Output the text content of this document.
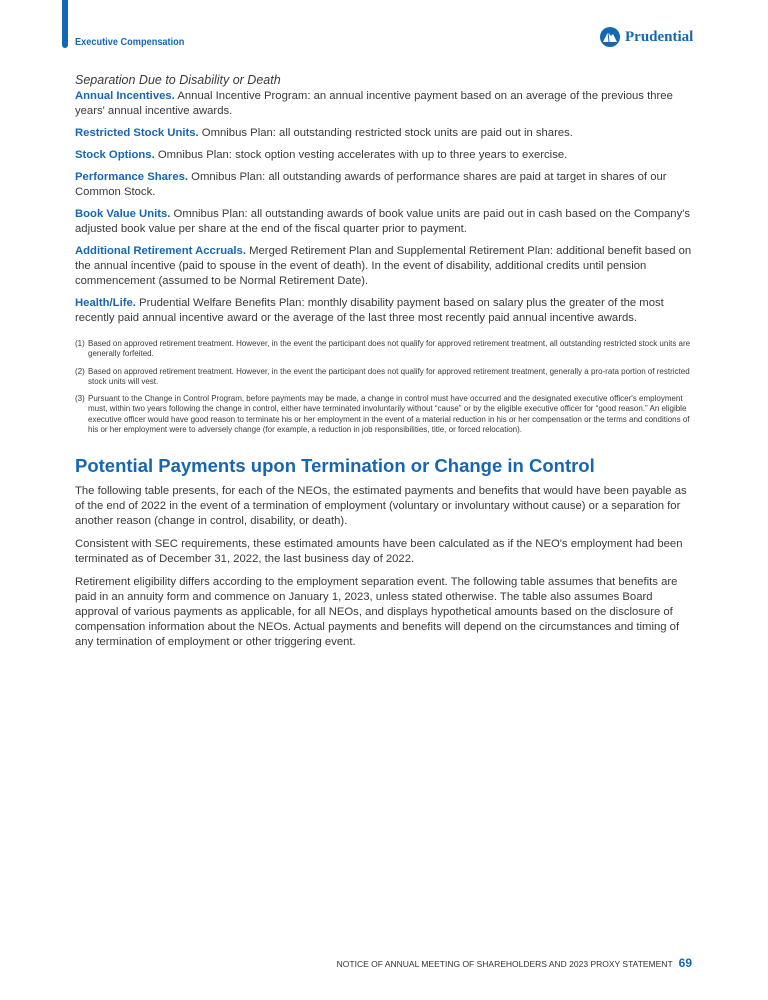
Executive Compensation	Prudential
Separation Due to Disability or Death

Annual Incentives. Annual Incentive Program: an annual incentive payment based on an average of the previous three years' annual incentive awards.

Restricted Stock Units. Omnibus Plan: all outstanding restricted stock units are paid out in shares.

Stock Options. Omnibus Plan: stock option vesting accelerates with up to three years to exercise.

Performance Shares. Omnibus Plan: all outstanding awards of performance shares are paid at target in shares of our Common Stock.

Book Value Units. Omnibus Plan: all outstanding awards of book value units are paid out in cash based on the Company's adjusted book value per share at the end of the fiscal quarter prior to payment.

Additional Retirement Accruals. Merged Retirement Plan and Supplemental Retirement Plan: additional benefit based on the annual incentive (paid to spouse in the event of death). In the event of disability, additional credits until pension commencement (assumed to be Normal Retirement Date).

Health/Life. Prudential Welfare Benefits Plan: monthly disability payment based on salary plus the greater of the most recently paid annual incentive award or the average of the last three most recently paid annual incentive awards.

(1) Based on approved retirement treatment. However, in the event the participant does not qualify for approved retirement treatment, all outstanding restricted stock units are generally forfeited.
(2) Based on approved retirement treatment. However, in the event the participant does not qualify for approved retirement treatment, generally a pro-rata portion of restricted stock units will vest.
(3) Pursuant to the Change in Control Program, before payments may be made, a change in control must have occurred and the designated executive officer's employment must, within two years following the change in control, either have terminated involuntarily without “cause” or by the eligible executive officer for “good reason.” An eligible executive officer would have good reason to terminate his or her employment in the event of a material reduction in his or her compensation or the terms and conditions of his or her employment were to adversely change (for example, a reduction in job responsibilities, title, or forced relocation).
Potential Payments upon Termination or Change in Control

The following table presents, for each of the NEOs, the estimated payments and benefits that would have been payable as of the end of 2022 in the event of a termination of employment (voluntary or involuntary without cause) or a separation for another reason (change in control, disability, or death).

Consistent with SEC requirements, these estimated amounts have been calculated as if the NEO's employment had been terminated as of December 31, 2022, the last business day of 2022.

Retirement eligibility differs according to the employment separation event. The following table assumes that benefits are paid in an annuity form and commence on January 1, 2023, unless stated otherwise. The table also assumes Board approval of various payments as applicable, for all NEOs, and displays hypothetical amounts based on the disclosure of compensation information about the NEOs. Actual payments and benefits will depend on the circumstances and timing of any termination of employment or other triggering event.

NOTICE OF ANNUAL MEETING OF SHAREHOLDERS AND 2023 PROXY STATEMENT 69
